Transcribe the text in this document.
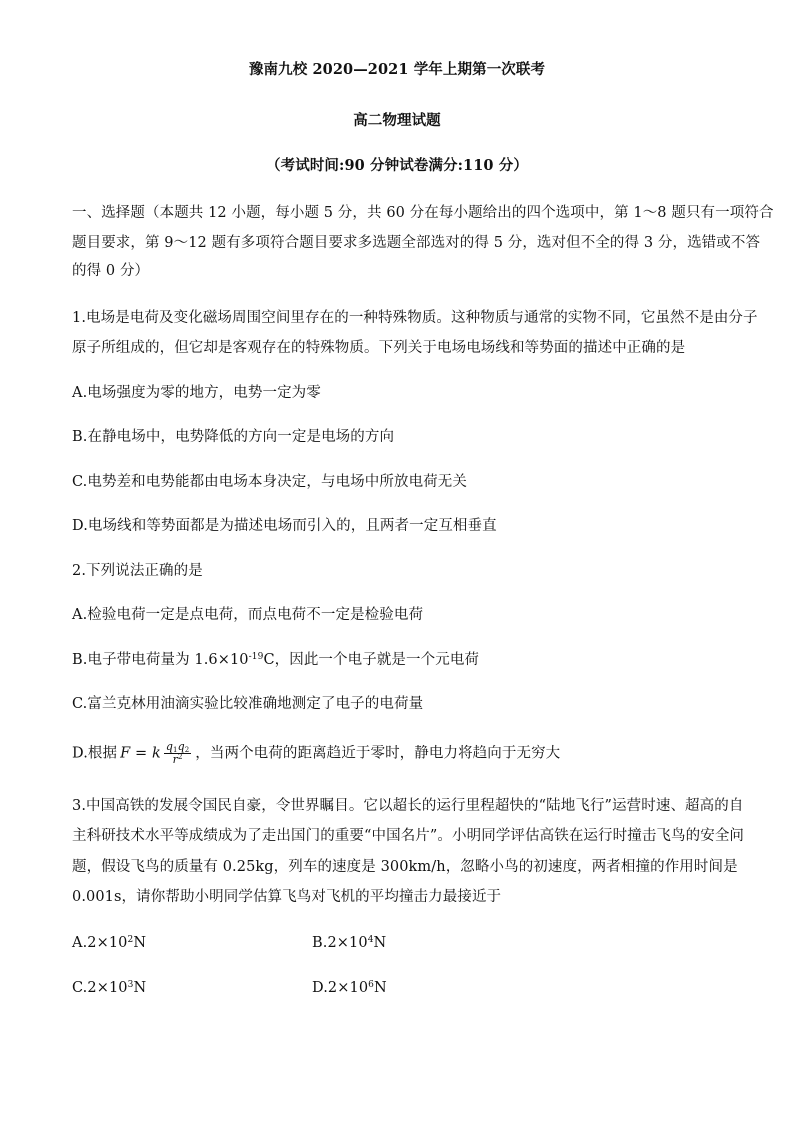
豫南九校 2020—2021 学年上期第一次联考
高二物理试题
（考试时间:90 分钟试卷满分:110 分）
一、选择题（本题共 12 小题，每小题 5 分，共 60 分在每小题给出的四个选项中，第 1～8 题只有一项符合
题目要求，第 9～12 题有多项符合题目要求多选题全部选对的得 5 分，选对但不全的得 3 分，选错或不答
的得 0 分）
1.电场是电荷及变化磁场周围空间里存在的一种特殊物质。这种物质与通常的实物不同，它虽然不是由分子
原子所组成的，但它却是客观存在的特殊物质。下列关于电场电场线和等势面的描述中正确的是
A.电场强度为零的地方，电势一定为零
B.在静电场中，电势降低的方向一定是电场的方向
C.电势差和电势能都由电场本身决定，与电场中所放电荷无关
D.电场线和等势面都是为描述电场而引入的，且两者一定互相垂直
2.下列说法正确的是
A.检验电荷一定是点电荷，而点电荷不一定是检验电荷
B.电子带电荷量为 $1.6\times 10^{-19}C$，因此一个电子就是一个元电荷
C.富兰克林用油滴实验比较准确地测定了电子的电荷量
D.根据 F = k $\frac{q_1q_2}{r^2}$ ，当两个电荷的距离趋近于零时，静电力将趋向于无穷大
3.中国高铁的发展令国民自豪，令世界瞩目。它以超长的运行里程超快的“陆地飞行”运营时速、超高的自
主科研技术水平等成绩成为了走出国门的重要“中国名片”。小明同学评估高铁在运行时撞击飞鸟的安全问
题，假设飞鸟的质量有 0.25kg，列车的速度是 300km/h，忽略小鸟的初速度，两者相撞的作用时间是
0.001s，请你帮助小明同学估算飞鸟对飞机的平均撞击力最接近于
$A.2\times 10^2N$	$B.2\times 10^4N$
$C.2\times 10^3N$	$D.2\times 10^6N$
